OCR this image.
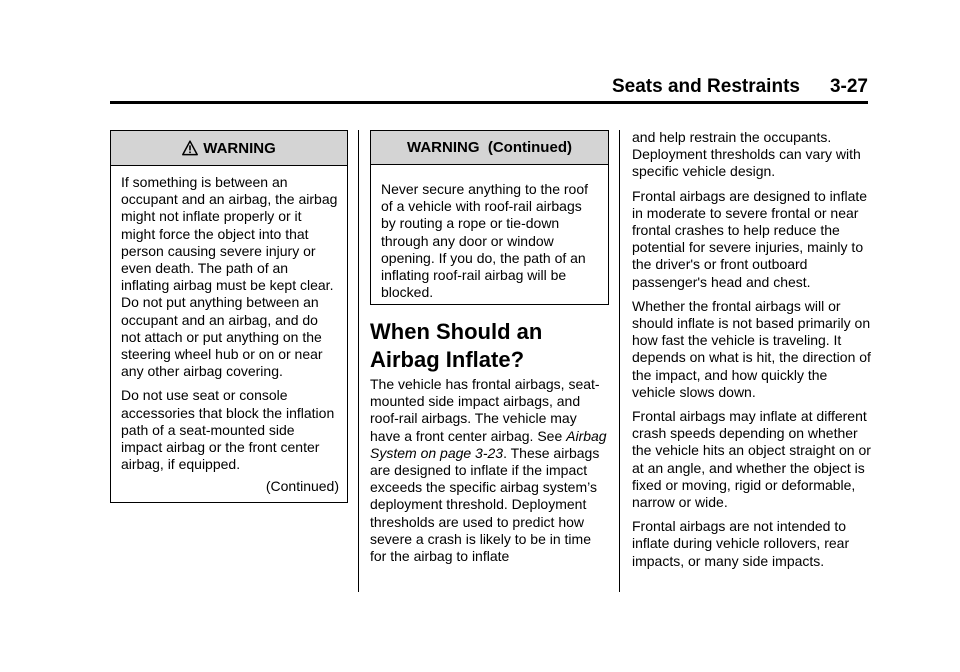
Seats and Restraints 3-27
WARNING

If something is between an occupant and an airbag, the airbag might not inflate properly or it might force the object into that person causing severe injury or even death. The path of an inflating airbag must be kept clear. Do not put anything between an occupant and an airbag, and do not attach or put anything on the steering wheel hub or on or near any other airbag covering.

Do not use seat or console accessories that block the inflation path of a seat-mounted side impact airbag or the front center airbag, if equipped.

(Continued)
WARNING  (Continued)

Never secure anything to the roof of a vehicle with roof-rail airbags by routing a rope or tie-down through any door or window opening. If you do, the path of an inflating roof-rail airbag will be blocked.

When Should an Airbag Inflate?

The vehicle has frontal airbags, seat-mounted side impact airbags, and roof-rail airbags. The vehicle may have a front center airbag. See Airbag System on page 3-23. These airbags are designed to inflate if the impact exceeds the specific airbag system’s deployment threshold. Deployment thresholds are used to predict how severe a crash is likely to be in time for the airbag to inflate

and help restrain the occupants. Deployment thresholds can vary with specific vehicle design.

Frontal airbags are designed to inflate in moderate to severe frontal or near frontal crashes to help reduce the potential for severe injuries, mainly to the driver's or front outboard passenger's head and chest.

Whether the frontal airbags will or should inflate is not based primarily on how fast the vehicle is traveling. It depends on what is hit, the direction of the impact, and how quickly the vehicle slows down.

Frontal airbags may inflate at different crash speeds depending on whether the vehicle hits an object straight on or at an angle, and whether the object is fixed or moving, rigid or deformable, narrow or wide.

Frontal airbags are not intended to inflate during vehicle rollovers, rear impacts, or many side impacts.
